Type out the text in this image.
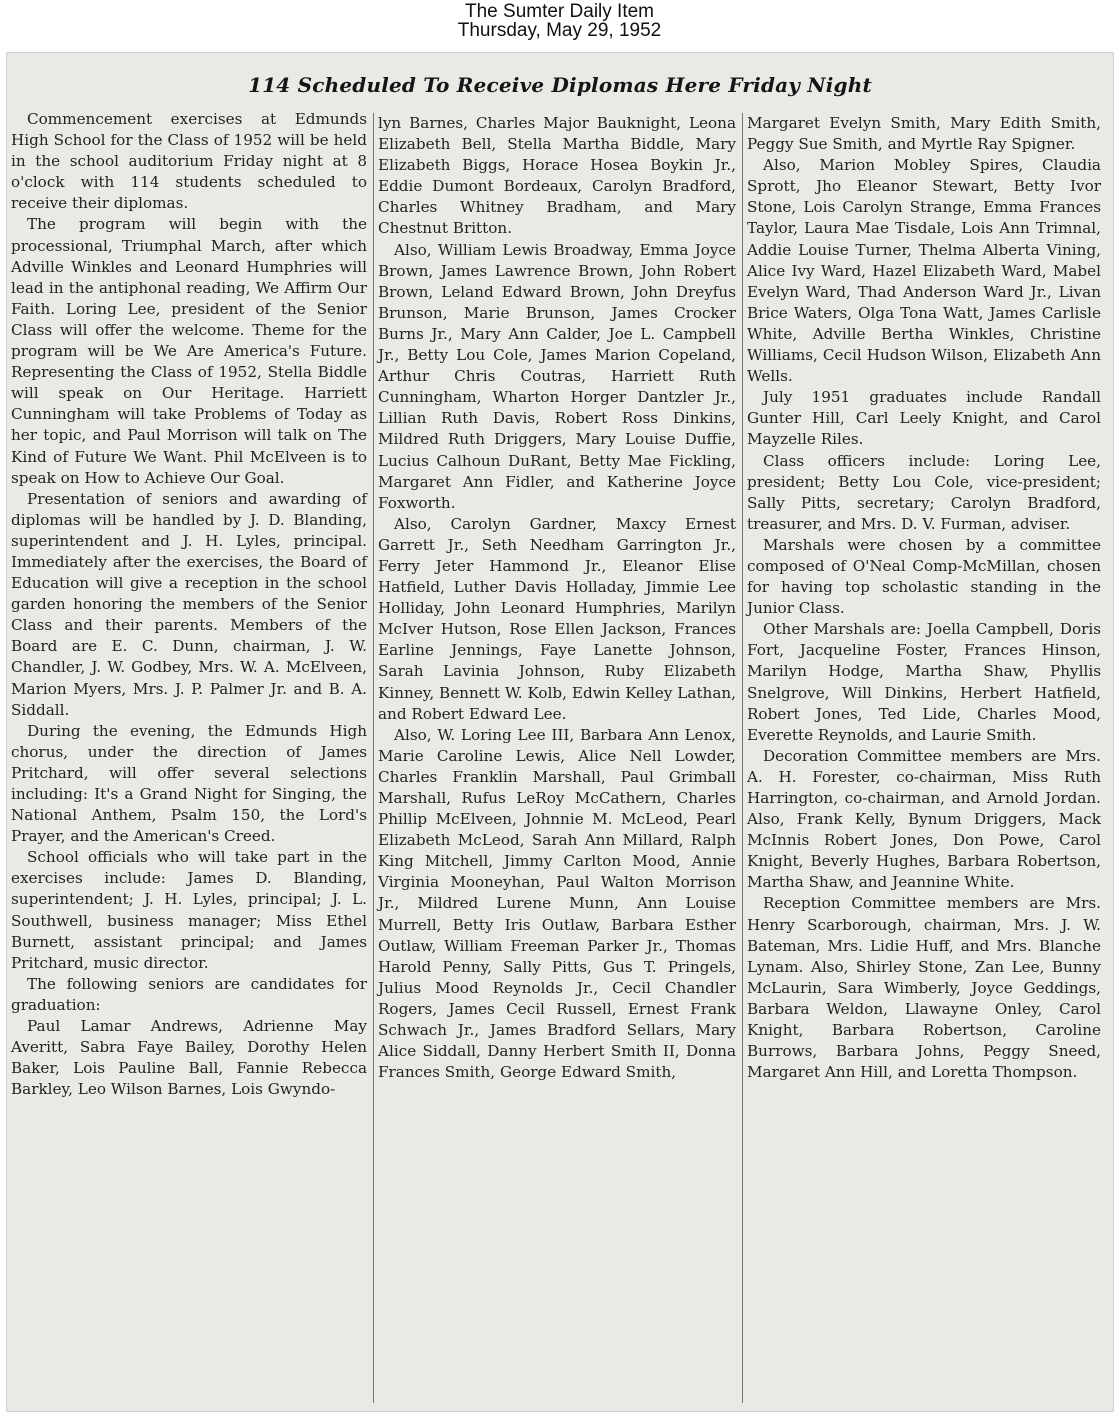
The Sumter Daily Item
Thursday, May 29, 1952
114 Scheduled To Receive Diplomas Here Friday Night

Commencement exercises at Edmunds High School for the Class of 1952 will be held in the school auditorium Friday night at 8 o'clock with 114 students scheduled to receive their diplomas.

The program will begin with the processional, Triumphal March, after which Adville Winkles and Leonard Humphries will lead in the antiphonal reading, We Affirm Our Faith. Loring Lee, president of the Senior Class will offer the welcome. Theme for the program will be We Are America's Future. Representing the Class of 1952, Stella Biddle will speak on Our Heritage. Harriett Cunningham will take Problems of Today as her topic, and Paul Morrison will talk on The Kind of Future We Want. Phil McElveen is to speak on How to Achieve Our Goal.

Presentation of seniors and awarding of diplomas will be handled by J. D. Blanding, superintendent and J. H. Lyles, principal. Immediately after the exercises, the Board of Education will give a reception in the school garden honoring the members of the Senior Class and their parents. Members of the Board are E. C. Dunn, chairman, J. W. Chandler, J. W. Godbey, Mrs. W. A. McElveen, Marion Myers, Mrs. J. P. Palmer Jr. and B. A. Siddall.

During the evening, the Edmunds High chorus, under the direction of James Pritchard, will offer several selections including: It's a Grand Night for Singing, the National Anthem, Psalm 150, the Lord's Prayer, and the American's Creed.

School officials who will take part in the exercises include: James D. Blanding, superintendent; J. H. Lyles, principal; J. L. Southwell, business manager; Miss Ethel Burnett, assistant principal; and James Pritchard, music director.

The following seniors are candidates for graduation:

Paul Lamar Andrews, Adrienne May Averitt, Sabra Faye Bailey, Dorothy Helen Baker, Lois Pauline Ball, Fannie Rebecca Barkley, Leo Wilson Barnes, Lois Gwyndo-

lyn Barnes, Charles Major Bauknight, Leona Elizabeth Bell, Stella Martha Biddle, Mary Elizabeth Biggs, Horace Hosea Boykin Jr., Eddie Dumont Bordeaux, Carolyn Bradford, Charles Whitney Bradham, and Mary Chestnut Britton.

Also, William Lewis Broadway, Emma Joyce Brown, James Lawrence Brown, John Robert Brown, Leland Edward Brown, John Dreyfus Brunson, Marie Brunson, James Crocker Burns Jr., Mary Ann Calder, Joe L. Campbell Jr., Betty Lou Cole, James Marion Copeland, Arthur Chris Coutras, Harriett Ruth Cunningham, Wharton Horger Dantzler Jr., Lillian Ruth Davis, Robert Ross Dinkins, Mildred Ruth Driggers, Mary Louise Duffie, Lucius Calhoun DuRant, Betty Mae Fickling, Margaret Ann Fidler, and Katherine Joyce Foxworth.

Also, Carolyn Gardner, Maxcy Ernest Garrett Jr., Seth Needham Garrington Jr., Ferry Jeter Hammond Jr., Eleanor Elise Hatfield, Luther Davis Holladay, Jimmie Lee Holliday, John Leonard Humphries, Marilyn McIver Hutson, Rose Ellen Jackson, Frances Earline Jennings, Faye Lanette Johnson, Sarah Lavinia Johnson, Ruby Elizabeth Kinney, Bennett W. Kolb, Edwin Kelley Lathan, and Robert Edward Lee.

Also, W. Loring Lee III, Barbara Ann Lenox, Marie Caroline Lewis, Alice Nell Lowder, Charles Franklin Marshall, Paul Grimball Marshall, Rufus LeRoy McCathern, Charles Phillip McElveen, Johnnie M. McLeod, Pearl Elizabeth McLeod, Sarah Ann Millard, Ralph King Mitchell, Jimmy Carlton Mood, Annie Virginia Mooneyhan, Paul Walton Morrison Jr., Mildred Lurene Munn, Ann Louise Murrell, Betty Iris Outlaw, Barbara Esther Outlaw, William Freeman Parker Jr., Thomas Harold Penny, Sally Pitts, Gus T. Pringels, Julius Mood Reynolds Jr., Cecil Chandler Rogers, James Cecil Russell, Ernest Frank Schwach Jr., James Bradford Sellars, Mary Alice Siddall, Danny Herbert Smith II, Donna Frances Smith, George Edward Smith,

Margaret Evelyn Smith, Mary Edith Smith, Peggy Sue Smith, and Myrtle Ray Spigner.

Also, Marion Mobley Spires, Claudia Sprott, Jho Eleanor Stewart, Betty Ivor Stone, Lois Carolyn Strange, Emma Frances Taylor, Laura Mae Tisdale, Lois Ann Trimnal, Addie Louise Turner, Thelma Alberta Vining, Alice Ivy Ward, Hazel Elizabeth Ward, Mabel Evelyn Ward, Thad Anderson Ward Jr., Livan Brice Waters, Olga Tona Watt, James Carlisle White, Adville Bertha Winkles, Christine Williams, Cecil Hudson Wilson, Elizabeth Ann Wells.

July 1951 graduates include Randall Gunter Hill, Carl Leely Knight, and Carol Mayzelle Riles.

Class officers include: Loring Lee, president; Betty Lou Cole, vice-president; Sally Pitts, secretary; Carolyn Bradford, treasurer, and Mrs. D. V. Furman, adviser.

Marshals were chosen by a committee composed of O'Neal Comp-McMillan, chosen for having top scholastic standing in the Junior Class.

Other Marshals are: Joella Campbell, Doris Fort, Jacqueline Foster, Frances Hinson, Marilyn Hodge, Martha Shaw, Phyllis Snelgrove, Will Dinkins, Herbert Hatfield, Robert Jones, Ted Lide, Charles Mood, Everette Reynolds, and Laurie Smith.

Decoration Committee members are Mrs. A. H. Forester, co-chairman, Miss Ruth Harrington, co-chairman, and Arnold Jordan. Also, Frank Kelly, Bynum Driggers, Mack McInnis Robert Jones, Don Powe, Carol Knight, Beverly Hughes, Barbara Robertson, Martha Shaw, and Jeannine White.

Reception Committee members are Mrs. Henry Scarborough, chairman, Mrs. J. W. Bateman, Mrs. Lidie Huff, and Mrs. Blanche Lynam. Also, Shirley Stone, Zan Lee, Bunny McLaurin, Sara Wimberly, Joyce Geddings, Barbara Weldon, Llawayne Onley, Carol Knight, Barbara Robertson, Caroline Burrows, Barbara Johns, Peggy Sneed, Margaret Ann Hill, and Loretta Thompson.
